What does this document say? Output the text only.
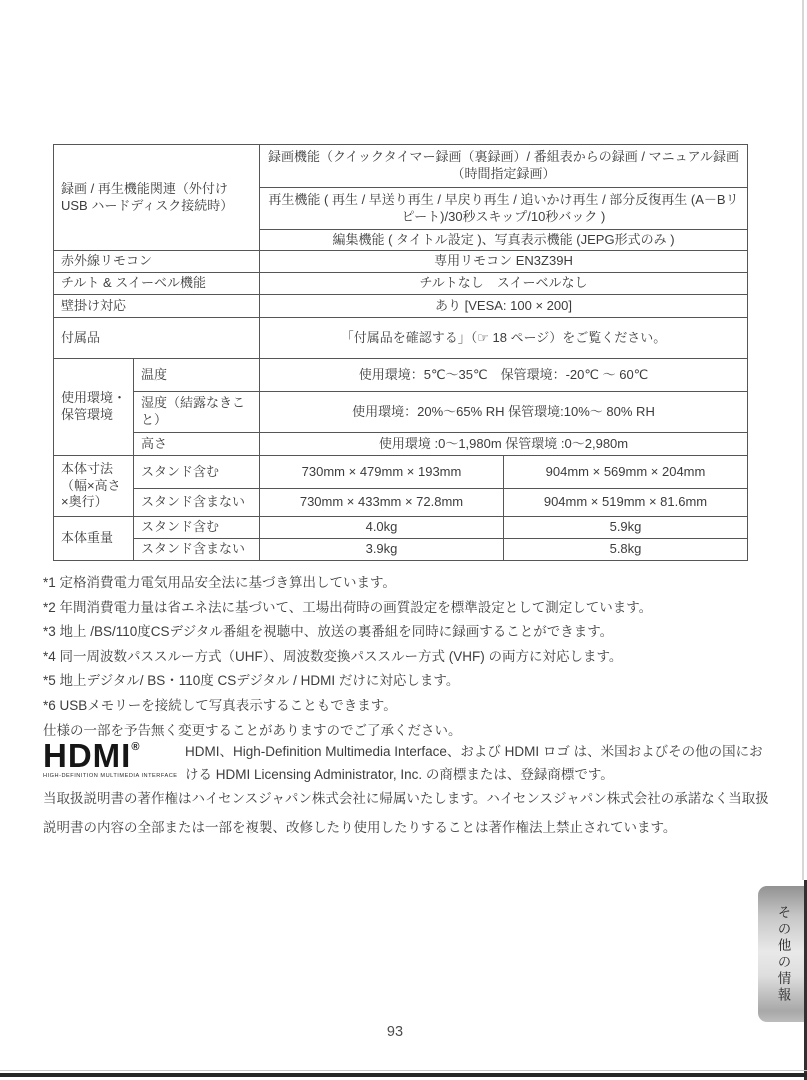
録画 / 再生機能関連（外付け USB ハードディスク接続時）		録画機能（クイックタイマー録画（裏録画）/ 番組表からの録画 / マニュアル録画（時間指定録画）	
		再生機能 ( 再生 / 早送り再生 / 早戻り再生 / 追いかけ再生 / 部分反復再生 (A－Bリピート)/30秒スキップ/10秒バック )	
		編集機能 ( タイトル設定 )、写真表示機能 (JEPG形式のみ )	
赤外線リモコン		専用リモコン EN3Z39H	
チルト & スイーベル機能		チルトなし　スイーベルなし	
壁掛け対応		あり [VESA: 100 × 200]	
付属品		「付属品を確認する」（☞ 18 ページ）をご覧ください。	
使用環境・保管環境	温度	使用環境：5℃～35℃　保管環境：-20℃ ～ 60℃	
	湿度（結露なきこと）	使用環境：20%～65% RH 保管環境:10%～ 80% RH	
	高さ	使用環境 :0～1,980m 保管環境 :0～2,980m	
本体寸法（幅×高さ×奥行）	スタンド含む	730mm × 479mm × 193mm	904mm × 569mm × 204mm
	スタンド含まない	730mm × 433mm × 72.8mm	904mm × 519mm × 81.6mm
本体重量	スタンド含む	4.0kg	5.9kg
	スタンド含まない	3.9kg	5.8kg
*1 定格消費電力電気用品安全法に基づき算出しています。
*2 年間消費電力量は省エネ法に基づいて、工場出荷時の画質設定を標準設定として測定しています。
*3 地上 /BS/110度CSデジタル番組を視聴中、放送の裏番組を同時に録画することができます。
*4 同一周波数パススルー方式（UHF）、周波数変換パススルー方式 (VHF) の両方に対応します。
*5 地上デジタル/ BS・110度 CSデジタル / HDMI だけに対応します。
*6 USBメモリーを接続して写真表示することもできます。
仕様の一部を予告無く変更することがありますのでご了承ください。
HDMI®
HIGH-DEFINITION MULTIMEDIA INTERFACE
HDMI、High-Definition Multimedia Interface、および HDMI ロゴ は、米国およびその他の国における HDMI Licensing Administrator, Inc. の商標または、登録商標です。
当取扱説明書の著作権はハイセンスジャパン株式会社に帰属いたします。ハイセンスジャパン株式会社の承諾なく当取扱説明書の内容の全部または一部を複製、改修したり使用したりすることは著作権法上禁止されています。
93
その他の情報
